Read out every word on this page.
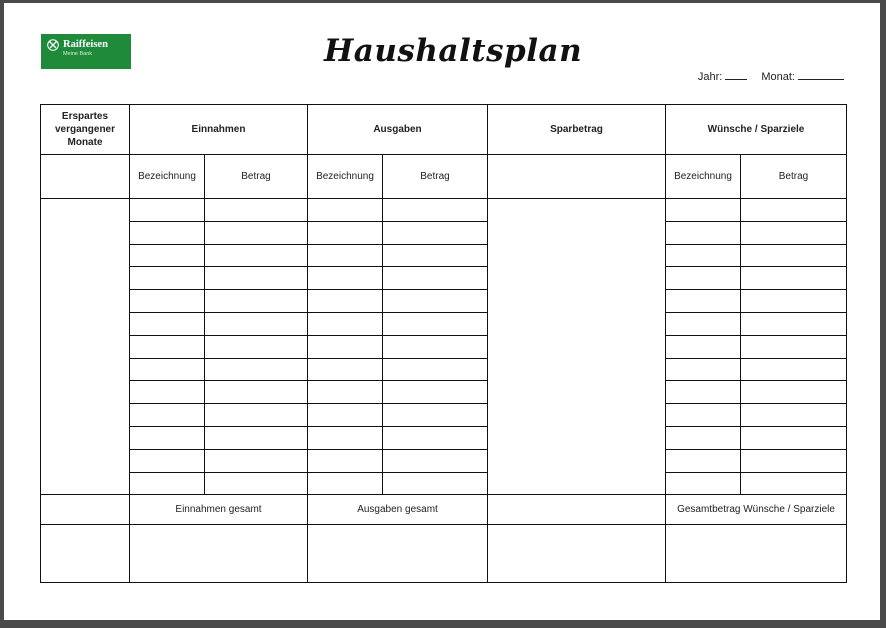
Raiffeisen
Meine Bank	Haushaltsplan
Jahr:	Monat:
Erspartes vergangener Monate	Einnahmen		Ausgaben		Sparbetrag	Wünsche / Sparziele	
	Bezeichnung	Betrag	Bezeichnung	Betrag		Bezeichnung	Betrag

	Einnahmen gesamt		Ausgaben gesamt			Gesamtbetrag Wünsche / Sparziele	
